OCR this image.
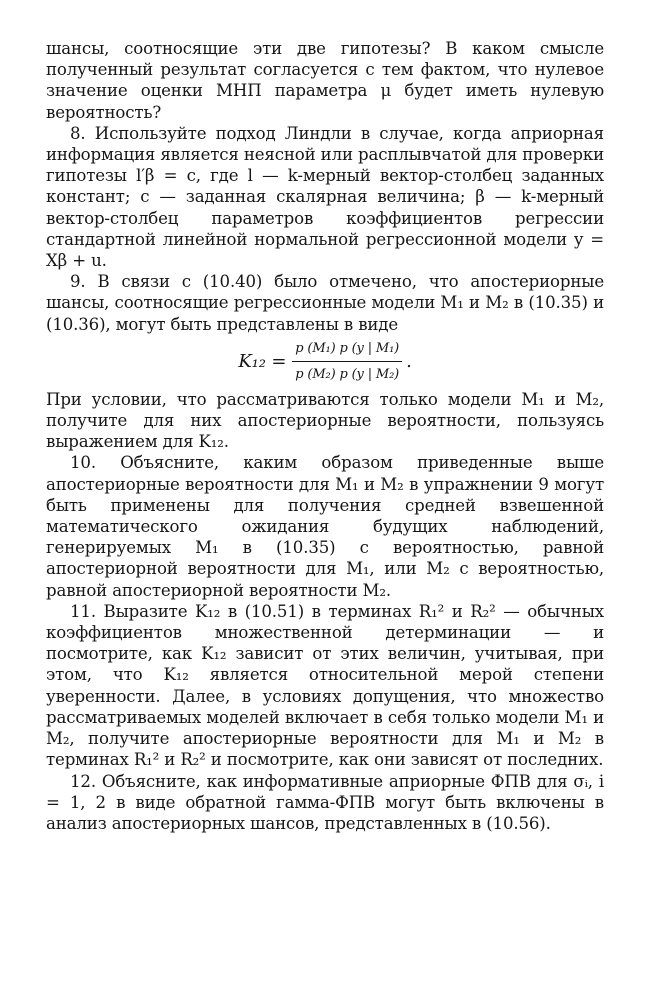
шансы, соотносящие эти две гипотезы? В каком смысле полученный результат согласуется с тем фактом, что нулевое значение оценки МНП параметра μ будет иметь нулевую вероятность?

8. Используйте подход Линдли в случае, когда априорная информация является неясной или расплывчатой для проверки гипотезы l′β = c, где l — k-мерный вектор-столбец заданных констант; c — заданная скалярная величина; β — k-мерный вектор-столбец параметров коэффициентов регрессии стандартной линейной нормальной регрессионной модели y = Xβ + u.

9. В связи с (10.40) было отмечено, что апостериорные шансы, соотносящие регрессионные модели M₁ и M₂ в (10.35) и (10.36), могут быть представлены в виде

$K_{12} = \frac{\text{p (M₁) p (y | M₁)}}{\text{p (M₂) p (y | M₂)}}$ .

При условии, что рассматриваются только модели M₁ и M₂, получите для них апостериорные вероятности, пользуясь выражением для K₁₂.

10. Объясните, каким образом приведенные выше апостериорные вероятности для M₁ и M₂ в упражнении 9 могут быть применены для получения средней взвешенной математического ожидания будущих наблюдений, генерируемых M₁ в (10.35) с вероятностью, равной апостериорной вероятности для M₁, или M₂ с вероятностью, равной апостериорной вероятности M₂.

11. Выразите K₁₂ в (10.51) в терминах R₁² и R₂² — обычных коэффициентов множественной детерминации — и посмотрите, как K₁₂ зависит от этих величин, учитывая, при этом, что K₁₂ является относительной мерой степени уверенности. Далее, в условиях допущения, что множество рассматриваемых моделей включает в себя только модели M₁ и M₂, получите апостериорные вероятности для M₁ и M₂ в терминах R₁² и R₂² и посмотрите, как они зависят от последних.

12. Объясните, как информативные априорные ФПВ для σᵢ, i = 1, 2 в виде обратной гамма-ФПВ могут быть включены в анализ апостериорных шансов, представленных в (10.56).
